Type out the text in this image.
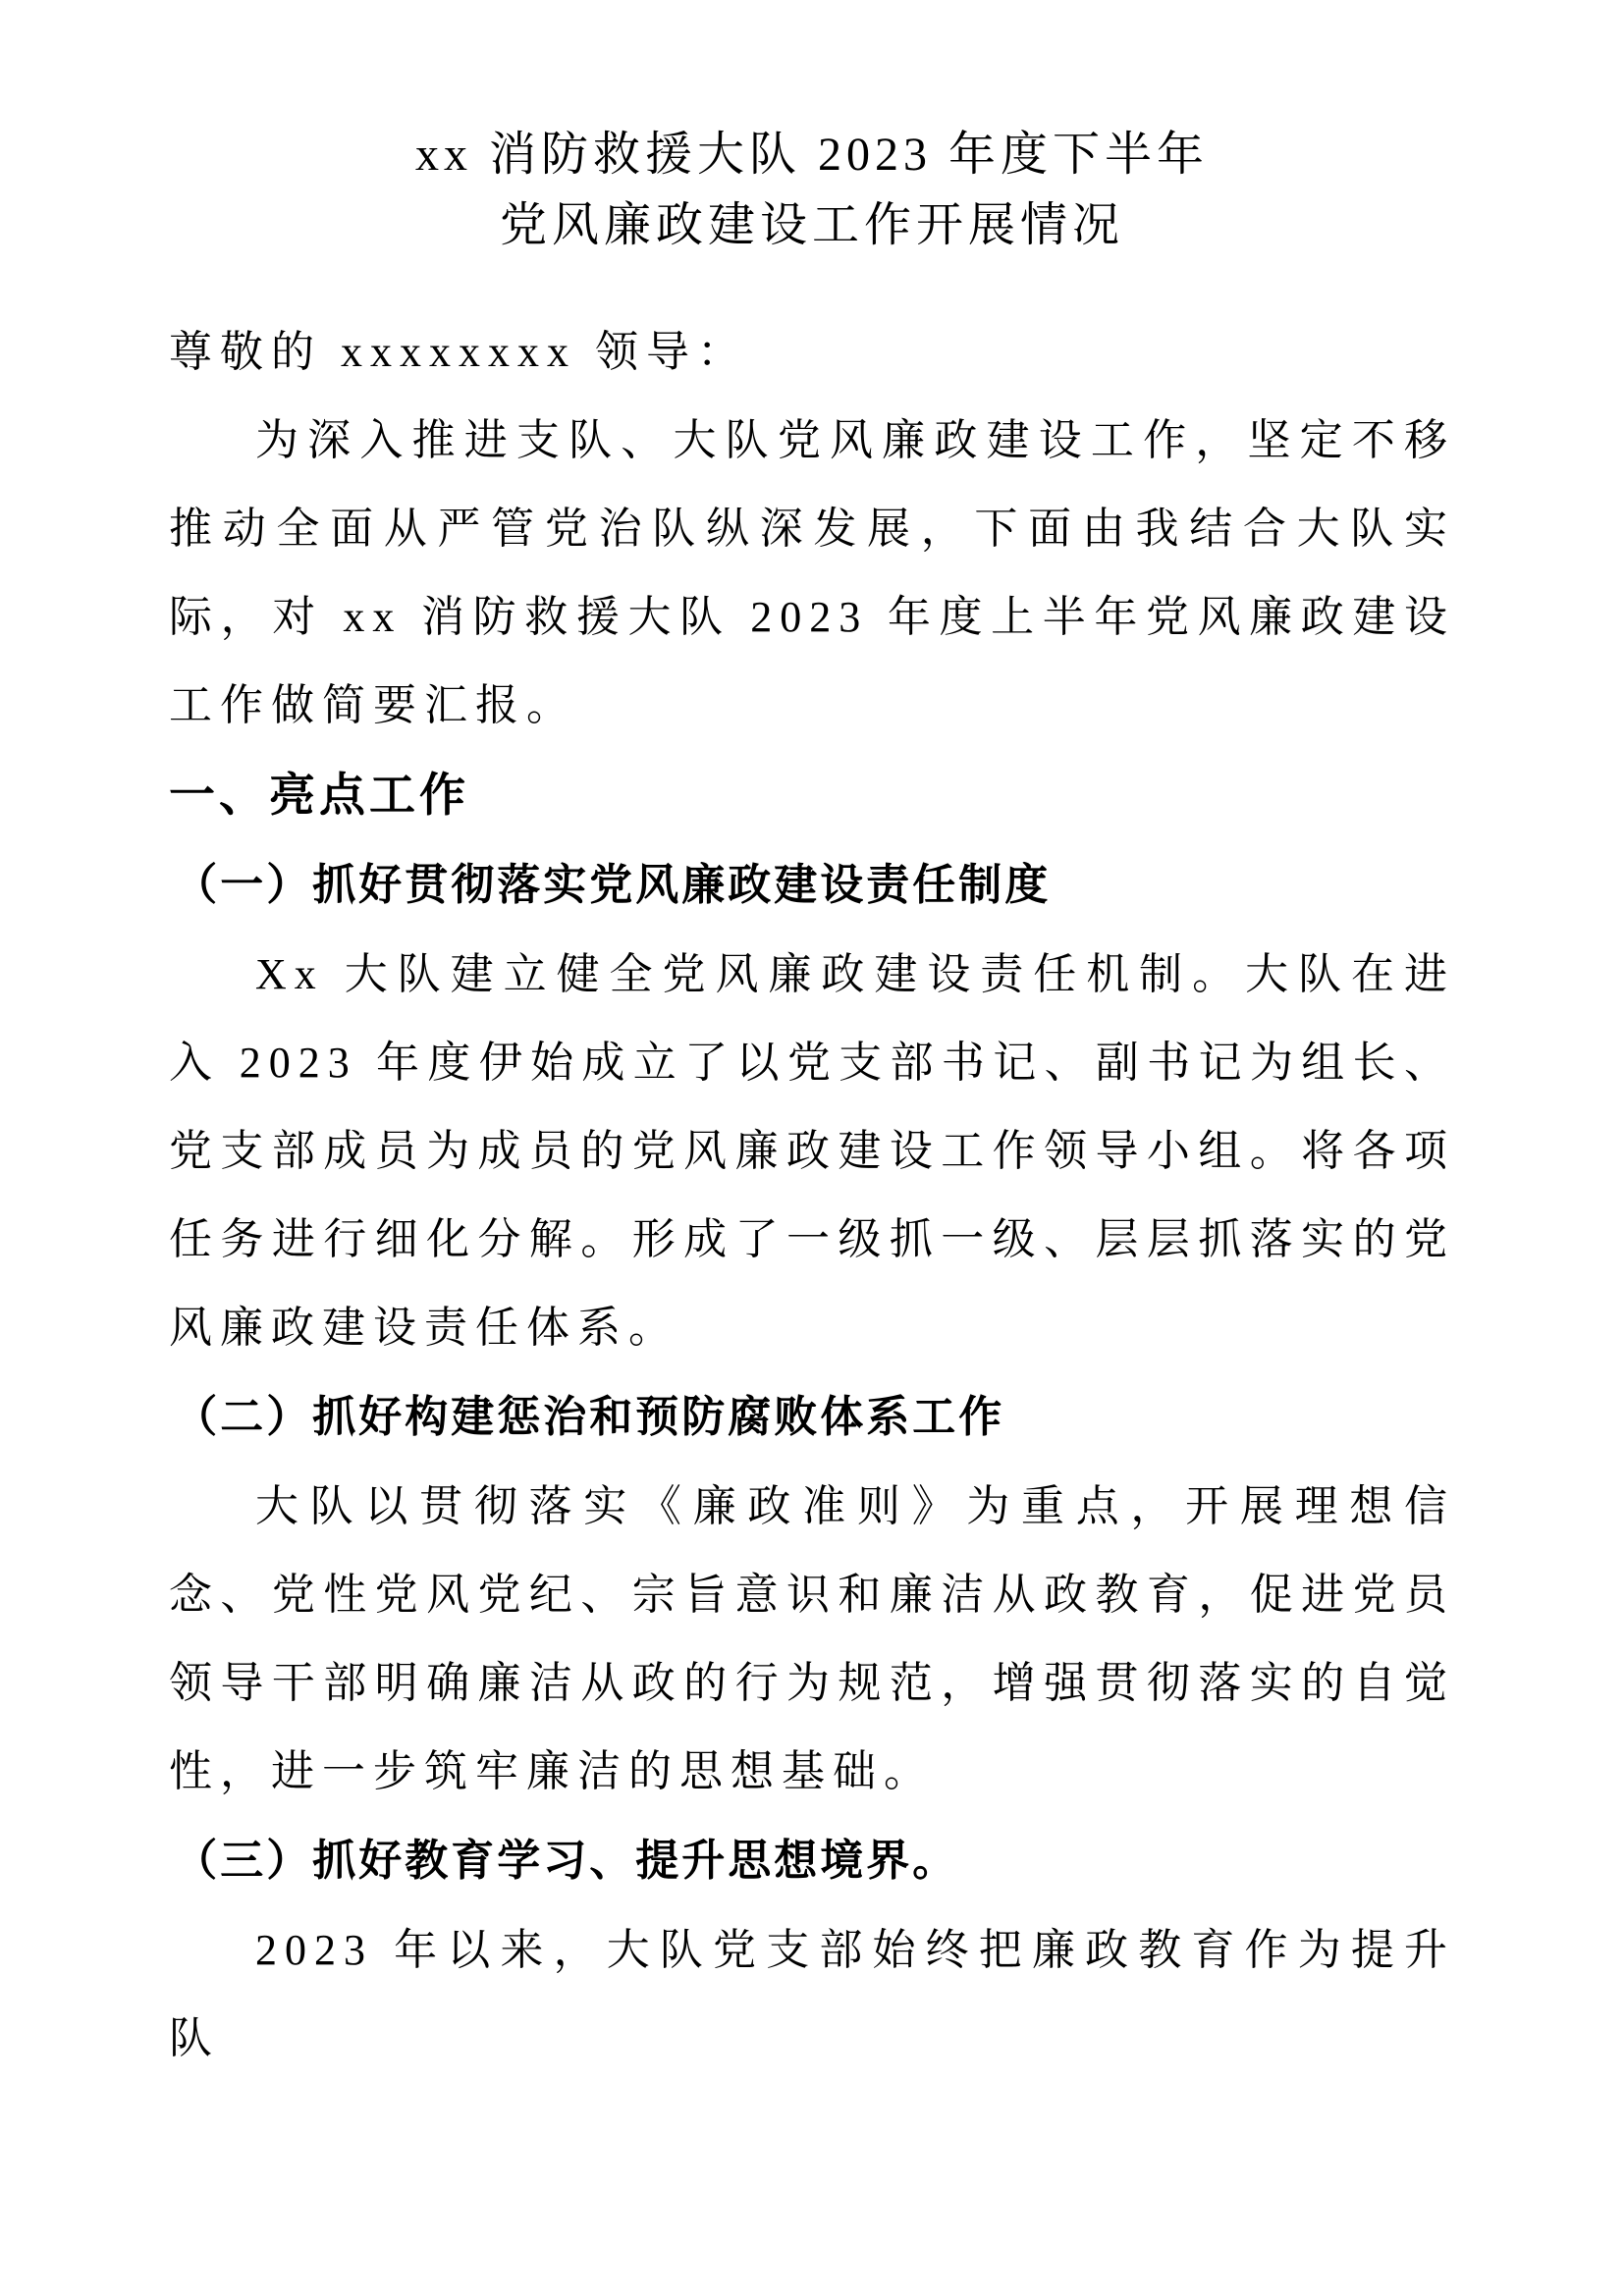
xx 消防救援大队 2023 年度下半年
党风廉政建设工作开展情况

尊敬的 xxxxxxxx 领导：

为深入推进支队、大队党风廉政建设工作，坚定不移推动全面从严管党治队纵深发展，下面由我结合大队实际，对 xx 消防救援大队 2023 年度上半年党风廉政建设工作做简要汇报。

一、亮点工作
（一）抓好贯彻落实党风廉政建设责任制度

Xx 大队建立健全党风廉政建设责任机制。大队在进入 2023 年度伊始成立了以党支部书记、副书记为组长、党支部成员为成员的党风廉政建设工作领导小组。将各项任务进行细化分解。形成了一级抓一级、层层抓落实的党风廉政建设责任体系。

（二）抓好构建惩治和预防腐败体系工作

大队以贯彻落实《廉政准则》为重点，开展理想信念、党性党风党纪、宗旨意识和廉洁从政教育，促进党员领导干部明确廉洁从政的行为规范，增强贯彻落实的自觉性，进一步筑牢廉洁的思想基础。

（三）抓好教育学习、提升思想境界。

2023 年以来，大队党支部始终把廉政教育作为提升队
